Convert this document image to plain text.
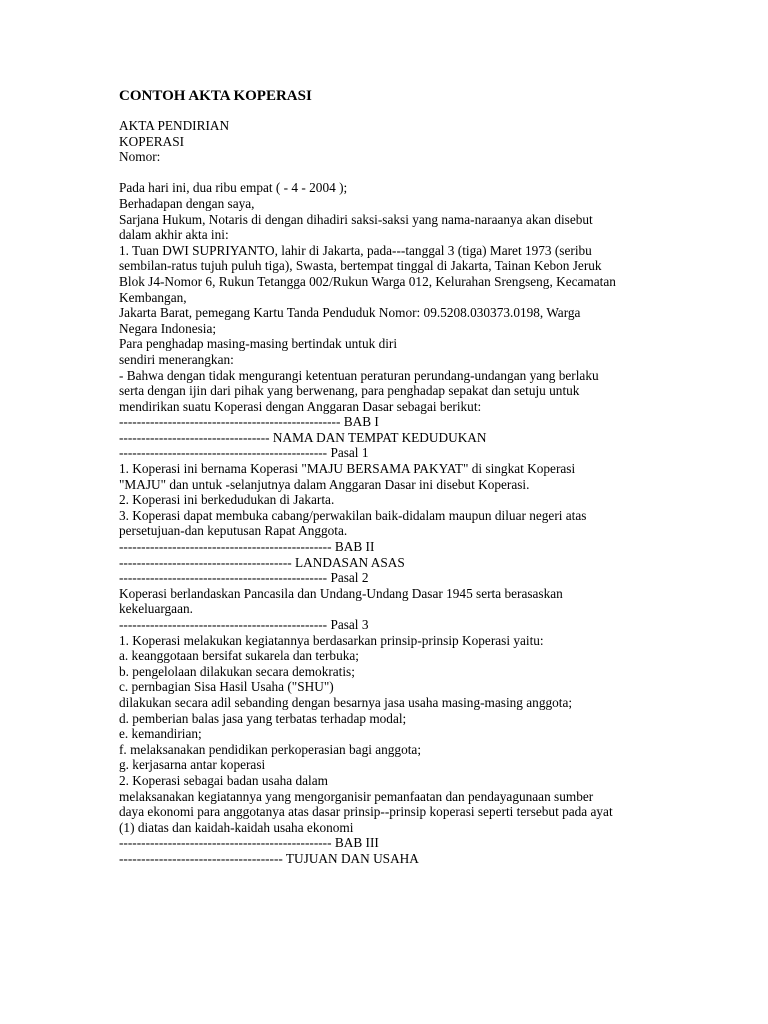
CONTOH AKTA KOPERASI
AKTA PENDIRIAN
KOPERASI
Nomor:
Pada hari ini, dua ribu empat ( - 4 - 2004 );
Berhadapan dengan saya,
Sarjana Hukum, Notaris di dengan dihadiri saksi-saksi yang nama-naraanya akan disebut
dalam akhir akta ini:
1. Tuan DWI SUPRIYANTO, lahir di Jakarta, pada---tanggal 3 (tiga) Maret 1973 (seribu
sembilan-ratus tujuh puluh tiga), Swasta, bertempat tinggal di Jakarta, Tainan Kebon Jeruk
Blok J4-Nomor 6, Rukun Tetangga 002/Rukun Warga 012, Kelurahan Srengseng, Kecamatan
Kembangan,
Jakarta Barat, pemegang Kartu Tanda Penduduk Nomor: 09.5208.030373.0198, Warga
Negara Indonesia;
Para penghadap masing-masing bertindak untuk diri
sendiri menerangkan:
- Bahwa dengan tidak mengurangi ketentuan peraturan perundang-undangan yang berlaku
serta dengan ijin dari pihak yang berwenang, para penghadap sepakat dan setuju untuk
mendirikan suatu Koperasi dengan Anggaran Dasar sebagai berikut:
-------------------------------------------------- BAB I
---------------------------------- NAMA DAN TEMPAT KEDUDUKAN
----------------------------------------------- Pasal 1
1. Koperasi ini bernama Koperasi "MAJU BERSAMA PAKYAT" di singkat Koperasi
"MAJU" dan untuk -selanjutnya dalam Anggaran Dasar ini disebut Koperasi.
2. Koperasi ini berkedudukan di Jakarta.
3. Koperasi dapat membuka cabang/perwakilan baik-didalam maupun diluar negeri atas
persetujuan-dan keputusan Rapat Anggota.
------------------------------------------------ BAB II
--------------------------------------- LANDASAN ASAS
----------------------------------------------- Pasal 2
Koperasi berlandaskan Pancasila dan Undang-Undang Dasar 1945 serta berasaskan
kekeluargaan.
----------------------------------------------- Pasal 3
1. Koperasi melakukan kegiatannya berdasarkan prinsip-prinsip Koperasi yaitu:
a. keanggotaan bersifat sukarela dan terbuka;
b. pengelolaan dilakukan secara demokratis;
c. pernbagian Sisa Hasil Usaha ("SHU")
dilakukan secara adil sebanding dengan besarnya jasa usaha masing-masing anggota;
d. pemberian balas jasa yang terbatas terhadap modal;
e. kemandirian;
f. melaksanakan pendidikan perkoperasian bagi anggota;
g. kerjasarna antar koperasi
2. Koperasi sebagai badan usaha dalam
melaksanakan kegiatannya yang mengorganisir pemanfaatan dan pendayagunaan sumber
daya ekonomi para anggotanya atas dasar prinsip--prinsip koperasi seperti tersebut pada ayat
(1) diatas dan kaidah-kaidah usaha ekonomi
------------------------------------------------ BAB III
------------------------------------- TUJUAN DAN USAHA
